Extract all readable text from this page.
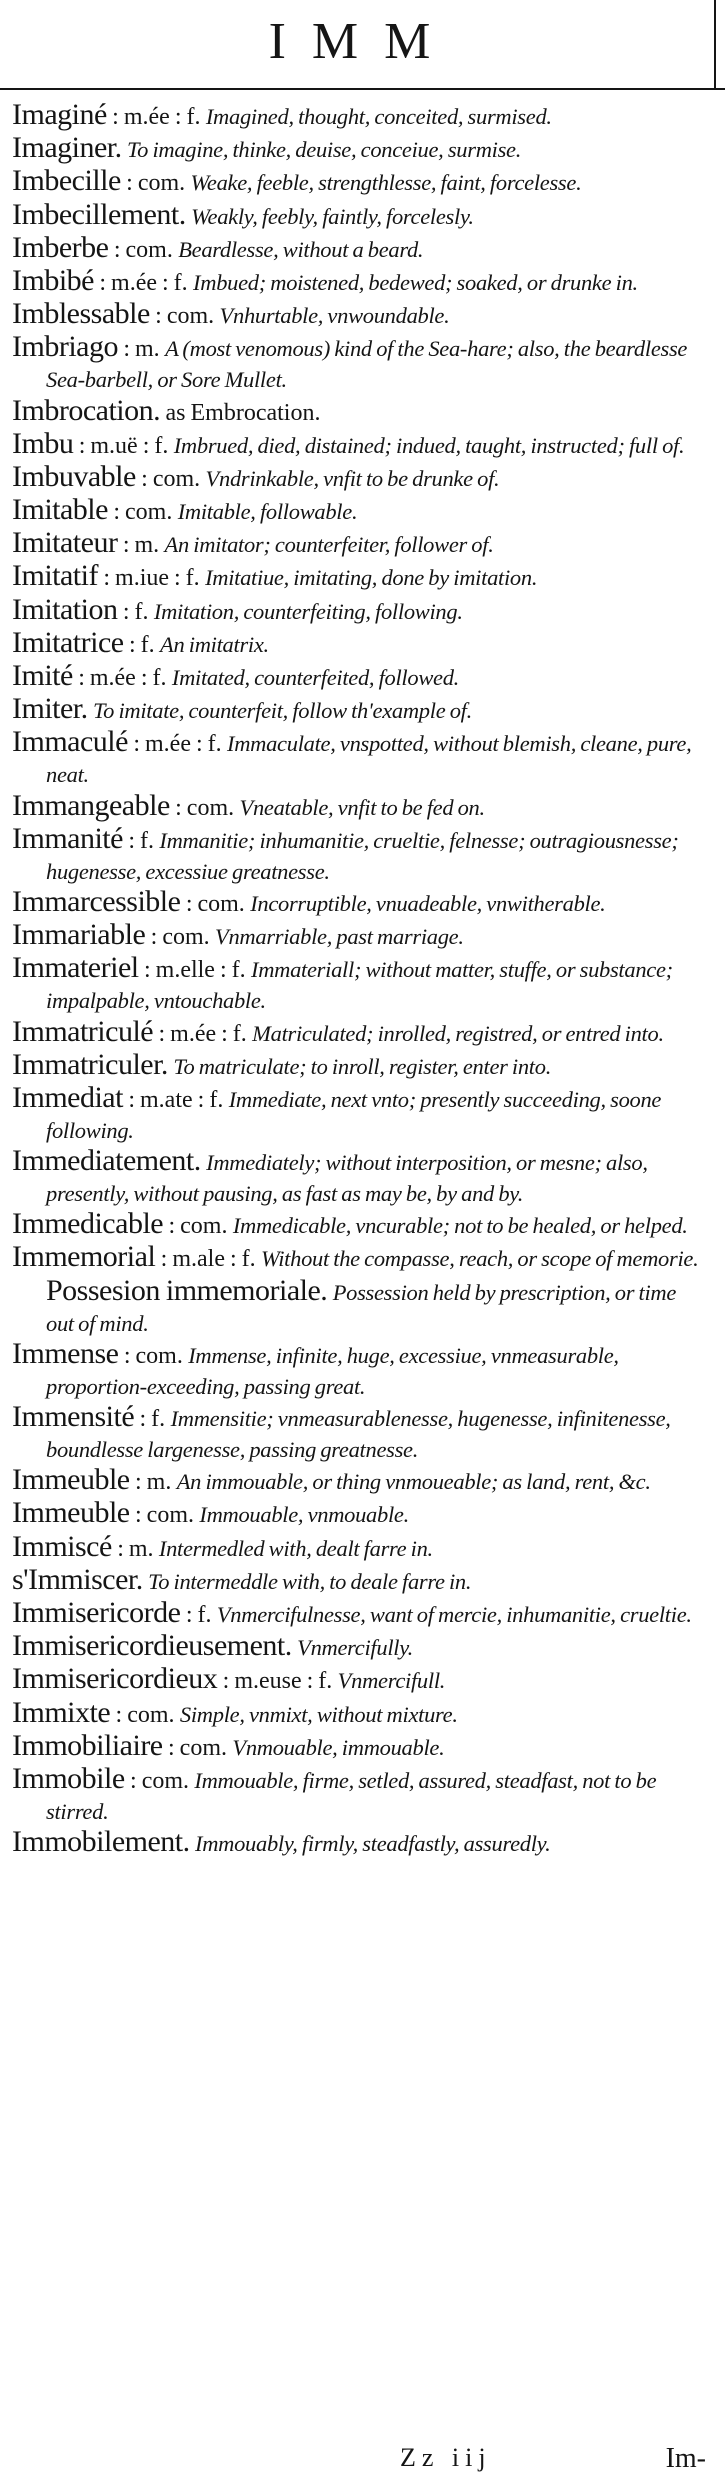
IMM
Imaginé : m.ée : f. Imagined, thought, conceited, surmised.
Imaginer. To imagine, thinke, deuise, conceiue, surmise.
Imbecille : com. Weake, feeble, strengthlesse, faint, forcelesse.
Imbecillement. Weakly, feebly, faintly, forcelesly.
Imberbe : com. Beardlesse, without a beard.
Imbibé : m.ée : f. Imbued; moistened, bedewed; soaked, or drunke in.
Imblessable : com. Vnhurtable, vnwoundable.
Imbriago : m. A (most venomous) kind of the Sea-hare; also, the beardlesse Sea-barbell, or Sore Mullet.
Imbrocation. as Embrocation.
Imbu : m.uë : f. Imbrued, died, distained; indued, taught, instructed; full of.
Imbuvable : com. Vndrinkable, vnfit to be drunke of.
Imitable : com. Imitable, followable.
Imitateur : m. An imitator; counterfeiter, follower of.
Imitatif : m.iue : f. Imitatiue, imitating, done by imitation.
Imitation : f. Imitation, counterfeiting, following.
Imitatrice : f. An imitatrix.
Imité : m.ée : f. Imitated, counterfeited, followed.
Imiter. To imitate, counterfeit, follow th'example of.
Immaculé : m.ée : f. Immaculate, vnspotted, without blemish, cleane, pure, neat.
Immangeable : com. Vneatable, vnfit to be fed on.
Immanité : f. Immanitie; inhumanitie, crueltie, felnesse; outragiousnesse; hugenesse, excessiue greatnesse.
Immarcessible : com. Incorruptible, vnuadeable, vnwitherable.
Immariable : com. Vnmarriable, past marriage.
Immateriel : m.elle : f. Immateriall; without matter, stuffe, or substance; impalpable, vntouchable.
Immatriculé : m.ée : f. Matriculated; inrolled, registred, or entred into.
Immatriculer. To matriculate; to inroll, register, enter into.
Immediat : m.ate : f. Immediate, next vnto; presently succeeding, soone following.
Immediatement. Immediately; without interposition, or mesne; also, presently, without pausing, as fast as may be, by and by.
Immedicable : com. Immedicable, vncurable; not to be healed, or helped.
Immemorial : m.ale : f. Without the compasse, reach, or scope of memorie.
Possesion immemoriale. Possession held by prescription, or time out of mind.
Immense : com. Immense, infinite, huge, excessiue, vnmeasurable, proportion-exceeding, passing great.
Immensité : f. Immensitie; vnmeasurablenesse, hugenesse, infinitenesse, boundlesse largenesse, passing greatnesse.
Immeuble : m. An immouable, or thing vnmoueable; as land, rent, &c.
Immeuble : com. Immouable, vnmouable.
Immiscé : m. Intermedled with, dealt farre in.
s'Immiscer. To intermeddle with, to deale farre in.
Immisericorde : f. Vnmercifulnesse, want of mercie, inhumanitie, crueltie.
Immisericordieusement. Vnmercifully.
Immisericordieux : m.euse : f. Vnmercifull.
Immixte : com. Simple, vnmixt, without mixture.
Immobiliaire : com. Vnmouable, immouable.
Immobile : com. Immouable, firme, setled, assured, steadfast, not to be stirred.
Immobilement. Immouably, firmly, steadfastly, assuredly.
Zz iij	Im-
